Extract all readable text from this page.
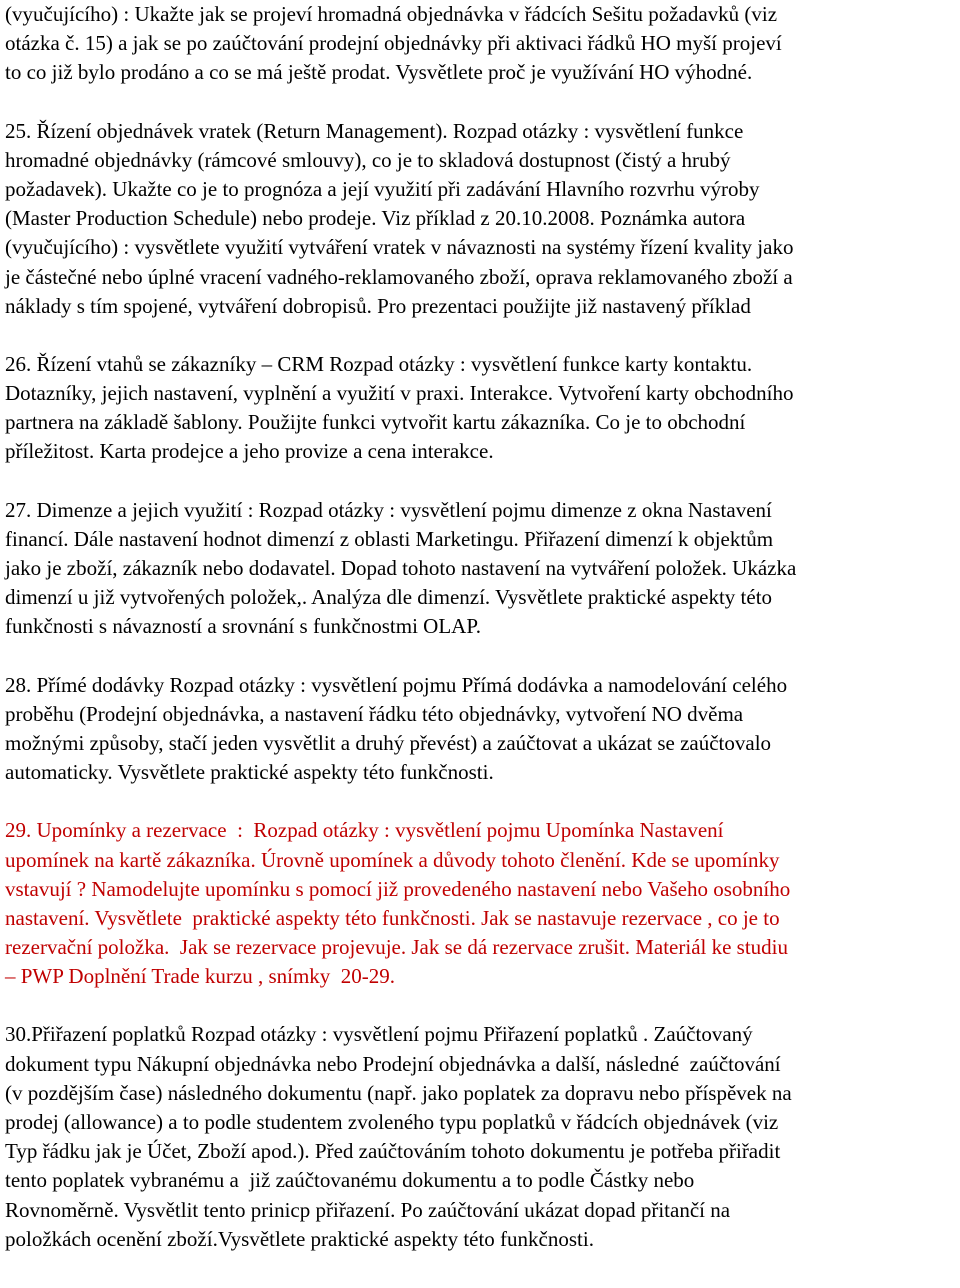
(vyučujícího) : Ukažte jak se projeví hromadná objednávka v řádcích Sešitu požadavků (viz
otázka č. 15) a jak se po zaúčtování prodejní objednávky při aktivaci řádků HO myší projeví
to co již bylo prodáno a co se má ještě prodat. Vysvětlete proč je využívání HO výhodné.
25. Řízení objednávek vratek (Return Management). Rozpad otázky : vysvětlení funkce
hromadné objednávky (rámcové smlouvy), co je to skladová dostupnost (čistý a hrubý
požadavek). Ukažte co je to prognóza a její využití při zadávání Hlavního rozvrhu výroby
(Master Production Schedule) nebo prodeje. Viz příklad z 20.10.2008. Poznámka autora
(vyučujícího) : vysvětlete využití vytváření vratek v návaznosti na systémy řízení kvality jako
je částečné nebo úplné vracení vadného-reklamovaného zboží, oprava reklamovaného zboží a
náklady s tím spojené, vytváření dobropisů. Pro prezentaci použijte již nastavený příklad
26. Řízení vtahů se zákazníky – CRM Rozpad otázky : vysvětlení funkce karty kontaktu.
Dotazníky, jejich nastavení, vyplnění a využití v praxi. Interakce. Vytvoření karty obchodního
partnera na základě šablony. Použijte funkci vytvořit kartu zákazníka. Co je to obchodní
příležitost. Karta prodejce a jeho provize a cena interakce.
27. Dimenze a jejich využití : Rozpad otázky : vysvětlení pojmu dimenze z okna Nastavení
financí. Dále nastavení hodnot dimenzí z oblasti Marketingu. Přiřazení dimenzí k objektům
jako je zboží, zákazník nebo dodavatel. Dopad tohoto nastavení na vytváření položek. Ukázka
dimenzí u již vytvořených položek,. Analýza dle dimenzí. Vysvětlete praktické aspekty této
funkčnosti s návazností a srovnání s funkčnostmi OLAP.
28. Přímé dodávky Rozpad otázky : vysvětlení pojmu Přímá dodávka a namodelování celého
proběhu (Prodejní objednávka, a nastavení řádku této objednávky, vytvoření NO dvěma
možnými způsoby, stačí jeden vysvětlit a druhý převést) a zaúčtovat a ukázat se zaúčtovalo
automaticky. Vysvětlete praktické aspekty této funkčnosti.
29. Upomínky a rezervace  :  Rozpad otázky : vysvětlení pojmu Upomínka Nastavení
upomínek na kartě zákazníka. Úrovně upomínek a důvody tohoto členění. Kde se upomínky
vstavují ? Namodelujte upomínku s pomocí již provedeného nastavení nebo Vašeho osobního
nastavení. Vysvětlete  praktické aspekty této funkčnosti. Jak se nastavuje rezervace , co je to
rezervační položka.  Jak se rezervace projevuje. Jak se dá rezervace zrušit. Materiál ke studiu
– PWP Doplnění Trade kurzu , snímky  20-29.
30.Přiřazení poplatků Rozpad otázky : vysvětlení pojmu Přiřazení poplatků . Zaúčtovaný
dokument typu Nákupní objednávka nebo Prodejní objednávka a další, následné  zaúčtování
(v pozdějším čase) následného dokumentu (např. jako poplatek za dopravu nebo příspěvek na
prodej (allowance) a to podle studentem zvoleného typu poplatků v řádcích objednávek (viz
Typ řádku jak je Účet, Zboží apod.). Před zaúčtováním tohoto dokumentu je potřeba přiřadit
tento poplatek vybranému a  již zaúčtovanému dokumentu a to podle Částky nebo
Rovnoměrně. Vysvětlit tento prinicp přiřazení. Po zaúčtování ukázat dopad přitančí na
položkách ocenění zboží.Vysvětlete praktické aspekty této funkčnosti.
